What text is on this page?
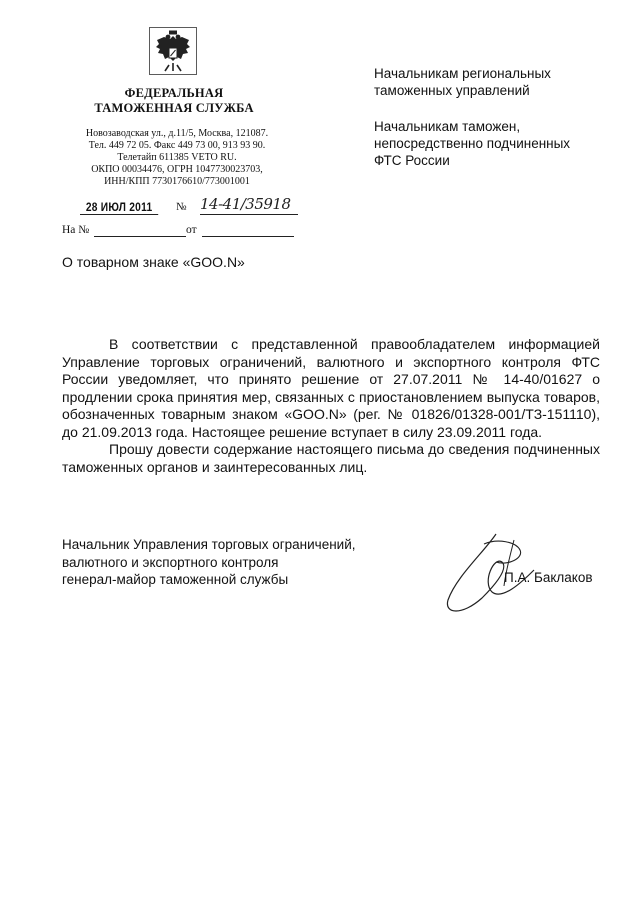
ФЕДЕРАЛЬНАЯ

ТАМОЖЕННАЯ СЛУЖБА

Новозаводская ул., д.11/5, Москва, 121087.
Тел. 449 72 05. Факс 449 73 00, 913 93 90.
Телетайп 611385 VETO RU.
ОКПО 00034476, ОГРН 1047730023703,
ИНН/КПП 7730176610/773001001
28 ИЮЛ 2011	№ 14-41/35918
На №	от
О товарном знаке «GOO.N»

Начальникам региональных
таможенных управлений

Начальникам таможен,
непосредственно подчиненных
ФТС России

В соответствии с представленной правообладателем информацией Управление торговых ограничений, валютного и экспортного контроля ФТС России уведомляет, что принято решение от 27.07.2011 № 14-40/01627 о продлении срока принятия мер, связанных с приостановлением выпуска товаров, обозначенных товарным знаком «GOO.N» (рег. № 01826/01328-001/ТЗ-151110), до 21.09.2013 года. Настоящее решение вступает в силу 23.09.2011 года.

Прошу довести содержание настоящего письма до сведения подчиненных таможенных органов и заинтересованных лиц.

Начальник Управления торговых ограничений,
валютного и экспортного контроля
генерал-майор таможенной службы	П.А. Баклаков
